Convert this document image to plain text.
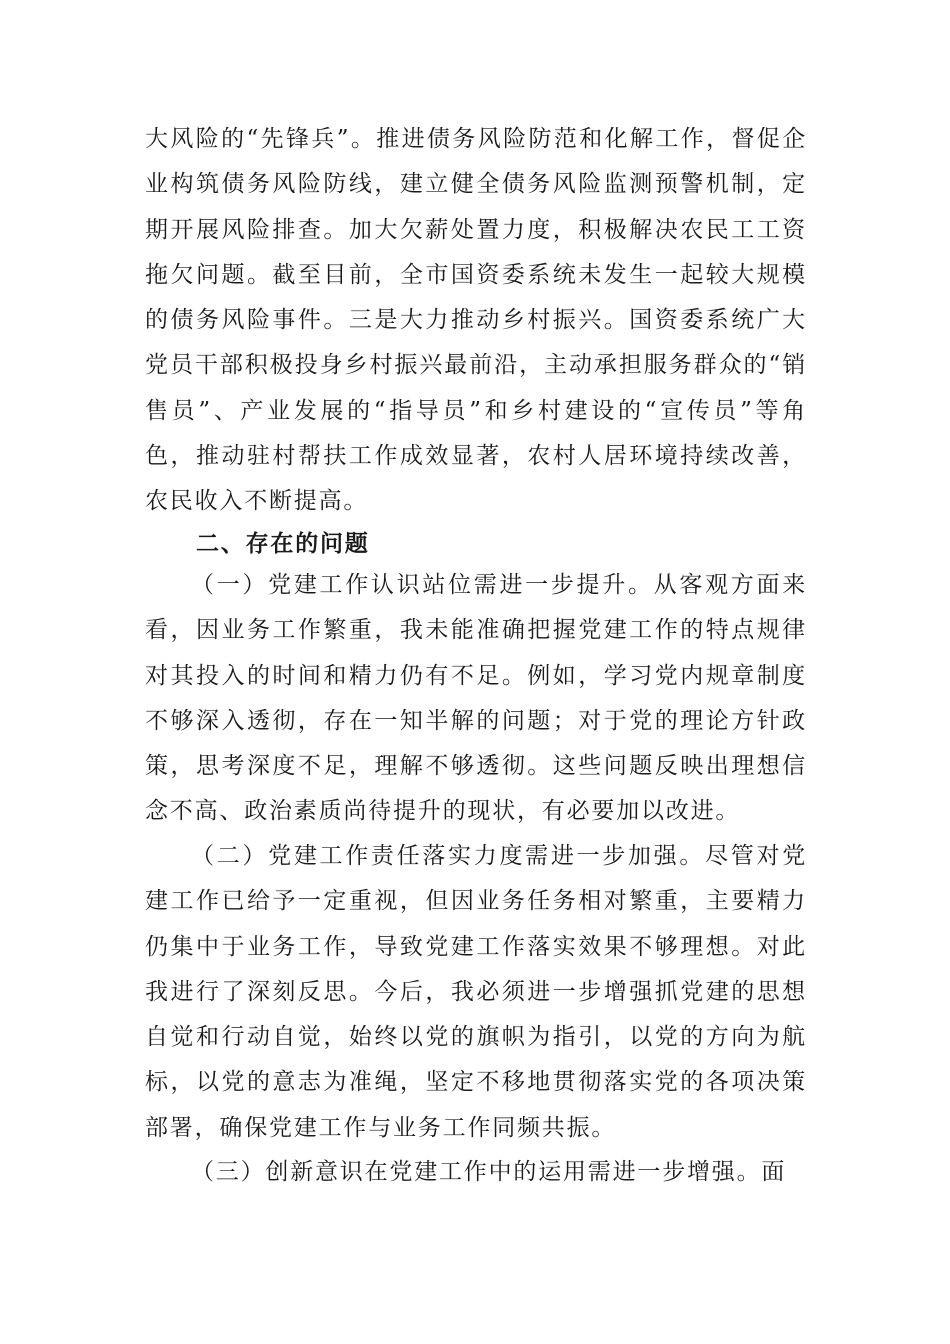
大风险的“先锋兵”。推进债务风险防范和化解工作，督促企业构筑债务风险防线，建立健全债务风险监测预警机制，定期开展风险排查。加大欠薪处置力度，积极解决农民工工资拖欠问题。截至目前，全市国资委系统未发生一起较大规模的债务风险事件。三是大力推动乡村振兴。国资委系统广大党员干部积极投身乡村振兴最前沿，主动承担服务群众的“销售员”、产业发展的“指导员”和乡村建设的“宣传员”等角色，推动驻村帮扶工作成效显著，农村人居环境持续改善，农民收入不断提高。

二、存在的问题

（一）党建工作认识站位需进一步提升。从客观方面来看，因业务工作繁重，我未能准确把握党建工作的特点规律对其投入的时间和精力仍有不足。例如，学习党内规章制度不够深入透彻，存在一知半解的问题；对于党的理论方针政策，思考深度不足，理解不够透彻。这些问题反映出理想信念不高、政治素质尚待提升的现状，有必要加以改进。

（二）党建工作责任落实力度需进一步加强。尽管对党建工作已给予一定重视，但因业务任务相对繁重，主要精力仍集中于业务工作，导致党建工作落实效果不够理想。对此我进行了深刻反思。今后，我必须进一步增强抓党建的思想自觉和行动自觉，始终以党的旗帜为指引，以党的方向为航标，以党的意志为准绳，坚定不移地贯彻落实党的各项决策部署，确保党建工作与业务工作同频共振。

（三）创新意识在党建工作中的运用需进一步增强。面
